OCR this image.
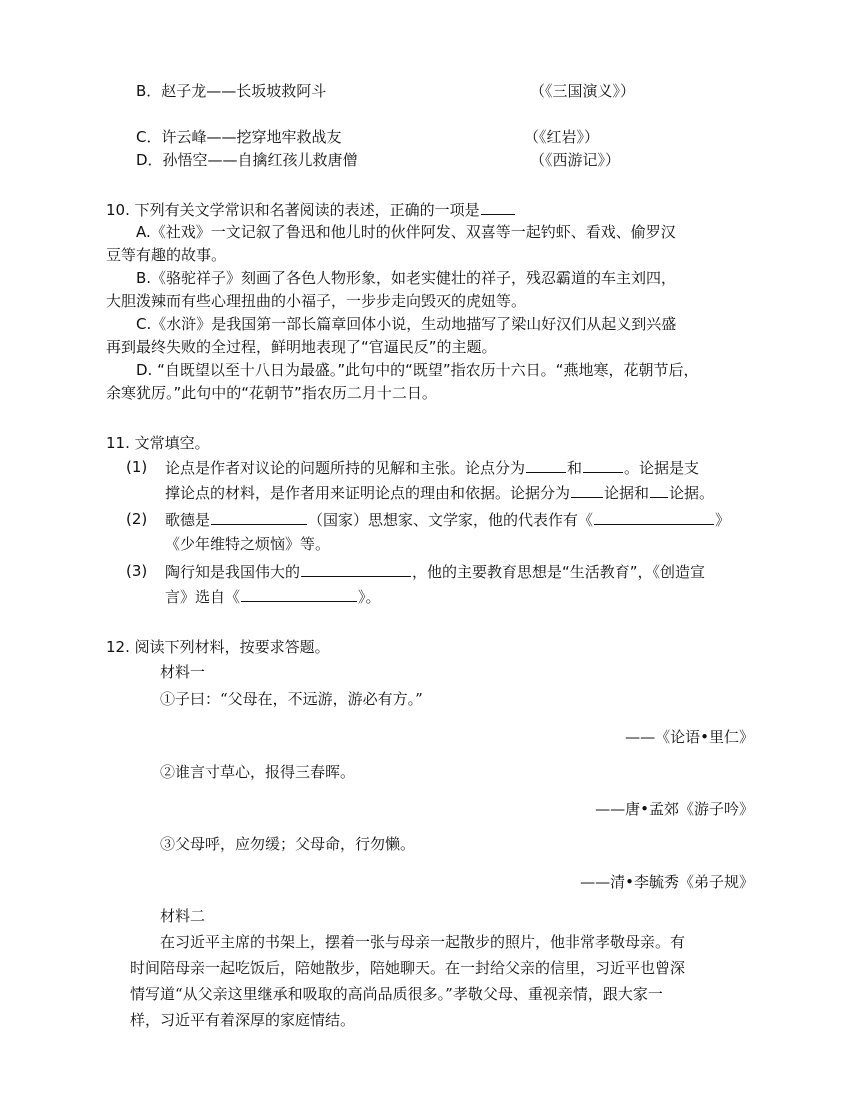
B．赵子龙——长坂坡救阿斗	（《三国演义》）
C．许云峰——挖穿地牢救战友	（《红岩》）
D．孙悟空——自擒红孩儿救唐僧	（《西游记》）
10. 下列有关文学常识和名著阅读的表述，正确的一项是
A.《社戏》一文记叙了鲁迅和他儿时的伙伴阿发、双喜等一起钓虾、看戏、偷罗汉
豆等有趣的故事。
B.《骆驼祥子》刻画了各色人物形象，如老实健壮的祥子，残忍霸道的车主刘四，
大胆泼辣而有些心理扭曲的小福子，一步步走向毁灭的虎妞等。
C.《水浒》是我国第一部长篇章回体小说，生动地描写了梁山好汉们从起义到兴盛
再到最终失败的全过程，鲜明地表现了“官逼民反”的主题。
D. “自既望以至十八日为最盛。”此句中的“既望”指农历十六日。“燕地寒，花朝节后，
余寒犹厉。”此句中的“花朝节”指农历二月十二日。
11. 文常填空。
(1) 论点是作者对议论的问题所持的见解和主张。论点分为	和	。论据是支
撑论点的材料，是作者用来证明论点的理由和依据。论据分为 论据和 论据。
(2) 歌德是	（国家）思想家、文学家，他的代表作有《	》
《少年维特之烦恼》等。
(3) 陶行知是我国伟大的	，他的主要教育思想是“生活教育”，《创造宣
言》选自《	》。
12. 阅读下列材料，按要求答题。
材料一
①子曰：“父母在，不远游，游必有方。”
——《论语•里仁》
②谁言寸草心，报得三春晖。
——唐•孟郊《游子吟》
③父母呼，应勿缓；父母命，行勿懒。
——清•李毓秀《弟子规》
材料二
在习近平主席的书架上，摆着一张与母亲一起散步的照片，他非常孝敬母亲。有
时间陪母亲一起吃饭后，陪她散步，陪她聊天。在一封给父亲的信里，习近平也曾深
情写道“从父亲这里继承和吸取的高尚品质很多。”孝敬父母、重视亲情，跟大家一
样，习近平有着深厚的家庭情结。
